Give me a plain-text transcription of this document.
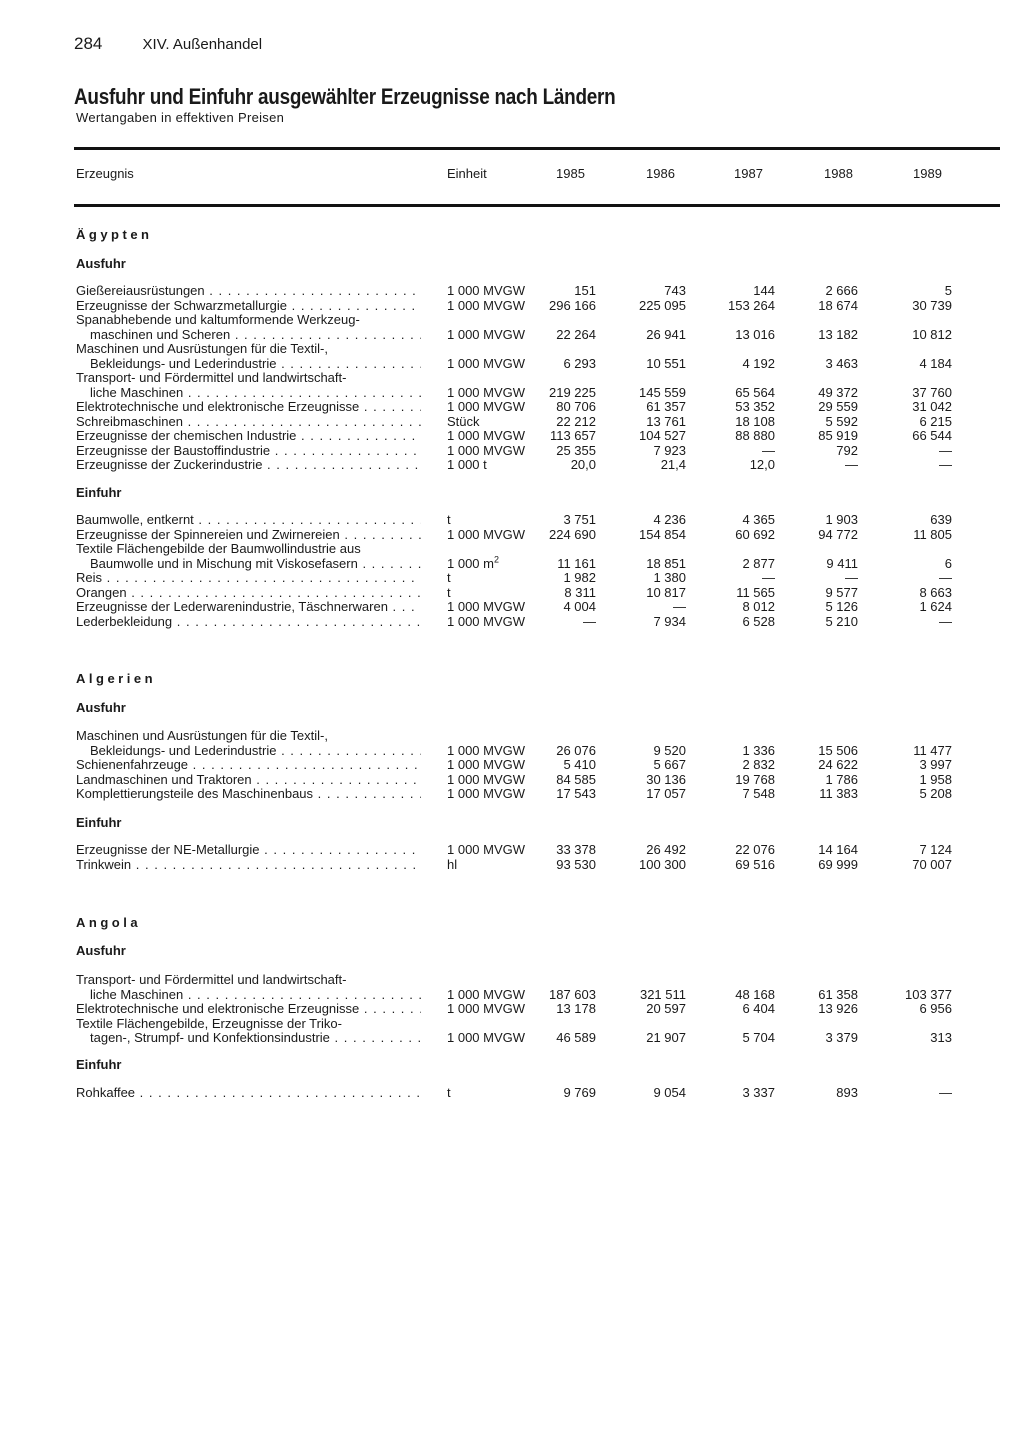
284	XIV. Außenhandel
Ausfuhr und Einfuhr ausgewählter Erzeugnisse nach Ländern
Wertangaben in effektiven Preisen
Erzeugnis	Einheit	1985	1986	1987	1988	1989
Ägypten
Ausfuhr
Gießereiausrüstungen . . .	1 000 MVGW	151	743	144	2 666	5
Erzeugnisse der Schwarzmetallurgie . . .	1 000 MVGW	296 166	225 095	153 264	18 674	30 739
Spanabhebende und kaltumformende Werkzeug-
maschinen und Scheren . . .	1 000 MVGW	22 264	26 941	13 016	13 182	10 812
Maschinen und Ausrüstungen für die Textil-,
Bekleidungs- und Lederindustrie . . .	1 000 MVGW	6 293	10 551	4 192	3 463	4 184
Transport- und Fördermittel und landwirtschaft-
liche Maschinen . . .	1 000 MVGW	219 225	145 559	65 564	49 372	37 760
Elektrotechnische und elektronische Erzeugnisse . . .	1 000 MVGW	80 706	61 357	53 352	29 559	31 042
Schreibmaschinen . . .	Stück	22 212	13 761	18 108	5 592	6 215
Erzeugnisse der chemischen Industrie . . .	1 000 MVGW	113 657	104 527	88 880	85 919	66 544
Erzeugnisse der Baustoffindustrie . . .	1 000 MVGW	25 355	7 923	—	792	—
Erzeugnisse der Zuckerindustrie . . .	1 000 t	20,0	21,4	12,0	—	—
Einfuhr
Baumwolle, entkernt . . .	t	3 751	4 236	4 365	1 903	639
Erzeugnisse der Spinnereien und Zwirnereien . . .	1 000 MVGW	224 690	154 854	60 692	94 772	11 805
Textile Flächengebilde der Baumwollindustrie aus
Baumwolle und in Mischung mit Viskosefasern . . .	1 000 $m^2$	11 161	18 851	2 877	9 411	6
Reis . . .	t	1 982	1 380	—	—	—
Orangen . . .	t	8 311	10 817	11 565	9 577	8 663
Erzeugnisse der Lederwarenindustrie, Täschnerwaren . . .	1 000 MVGW	4 004	—	8 012	5 126	1 624
Lederbekleidung . . .	1 000 MVGW	—	7 934	6 528	5 210	—
Algerien
Ausfuhr
Maschinen und Ausrüstungen für die Textil-,
Bekleidungs- und Lederindustrie . . .	1 000 MVGW	26 076	9 520	1 336	15 506	11 477
Schienenfahrzeuge . . .	1 000 MVGW	5 410	5 667	2 832	24 622	3 997
Landmaschinen und Traktoren . . .	1 000 MVGW	84 585	30 136	19 768	1 786	1 958
Komplettierungsteile des Maschinenbaus . . .	1 000 MVGW	17 543	17 057	7 548	11 383	5 208
Einfuhr
Erzeugnisse der NE-Metallurgie . . .	1 000 MVGW	33 378	26 492	22 076	14 164	7 124
Trinkwein . . .	hl	93 530	100 300	69 516	69 999	70 007
Angola
Ausfuhr
Transport- und Fördermittel und landwirtschaft-
liche Maschinen . . .	1 000 MVGW	187 603	321 511	48 168	61 358	103 377
Elektrotechnische und elektronische Erzeugnisse . . .	1 000 MVGW	13 178	20 597	6 404	13 926	6 956
Textile Flächengebilde, Erzeugnisse der Triko-
tagen-, Strumpf- und Konfektionsindustrie . . .	1 000 MVGW	46 589	21 907	5 704	3 379	313
Einfuhr
Rohkaffee . . .	t	9 769	9 054	3 337	893	—
